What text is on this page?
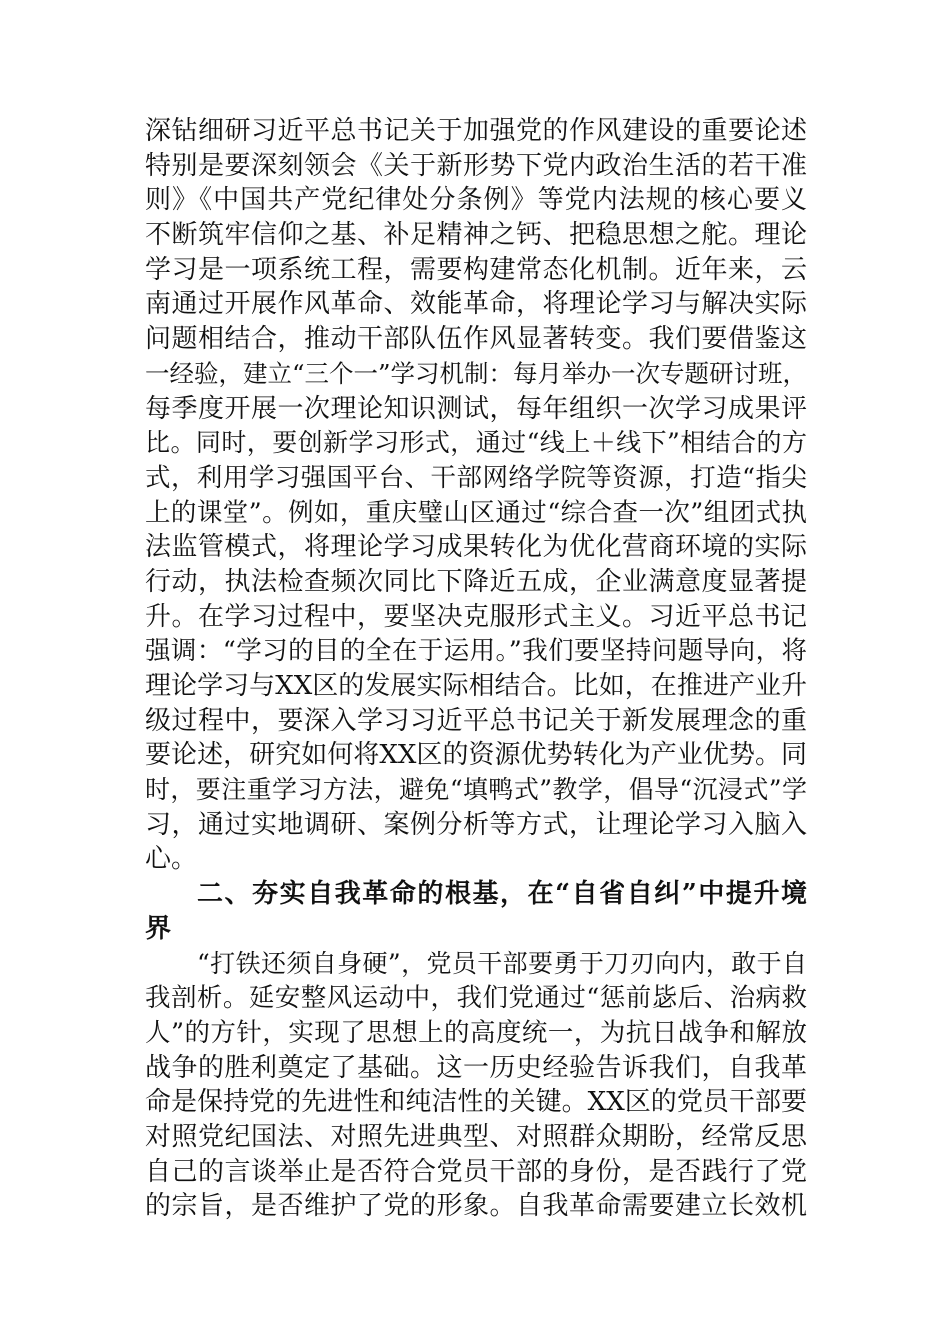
深钻细研习近平总书记关于加强党的作风建设的重要论述
特别是要深刻领会《关于新形势下党内政治生活的若干准
则》《中国共产党纪律处分条例》等党内法规的核心要义
不断筑牢信仰之基、补足精神之钙、把稳思想之舵。理论
学习是一项系统工程，需要构建常态化机制。近年来，云
南通过开展作风革命、效能革命，将理论学习与解决实际
问题相结合，推动干部队伍作风显著转变。我们要借鉴这
一经验，建立“三个一”学习机制：每月举办一次专题研讨班，
每季度开展一次理论知识测试，每年组织一次学习成果评
比。同时，要创新学习形式，通过“线上＋线下”相结合的方
式，利用学习强国平台、干部网络学院等资源，打造“指尖
上的课堂”。例如，重庆璧山区通过“综合查一次”组团式执
法监管模式，将理论学习成果转化为优化营商环境的实际
行动，执法检查频次同比下降近五成，企业满意度显著提
升。在学习过程中，要坚决克服形式主义。习近平总书记
强调：“学习的目的全在于运用。”我们要坚持问题导向，将
理论学习与XX区的发展实际相结合。比如，在推进产业升
级过程中，要深入学习习近平总书记关于新发展理念的重
要论述，研究如何将XX区的资源优势转化为产业优势。同
时，要注重学习方法，避免“填鸭式”教学，倡导“沉浸式”学
习，通过实地调研、案例分析等方式，让理论学习入脑入
心。
二、夯实自我革命的根基，在“自省自纠”中提升境
界
“打铁还须自身硬”，党员干部要勇于刀刃向内，敢于自
我剖析。延安整风运动中，我们党通过“惩前毖后、治病救
人”的方针，实现了思想上的高度统一，为抗日战争和解放
战争的胜利奠定了基础。这一历史经验告诉我们，自我革
命是保持党的先进性和纯洁性的关键。XX区的党员干部要
对照党纪国法、对照先进典型、对照群众期盼，经常反思
自己的言谈举止是否符合党员干部的身份，是否践行了党
的宗旨，是否维护了党的形象。自我革命需要建立长效机
